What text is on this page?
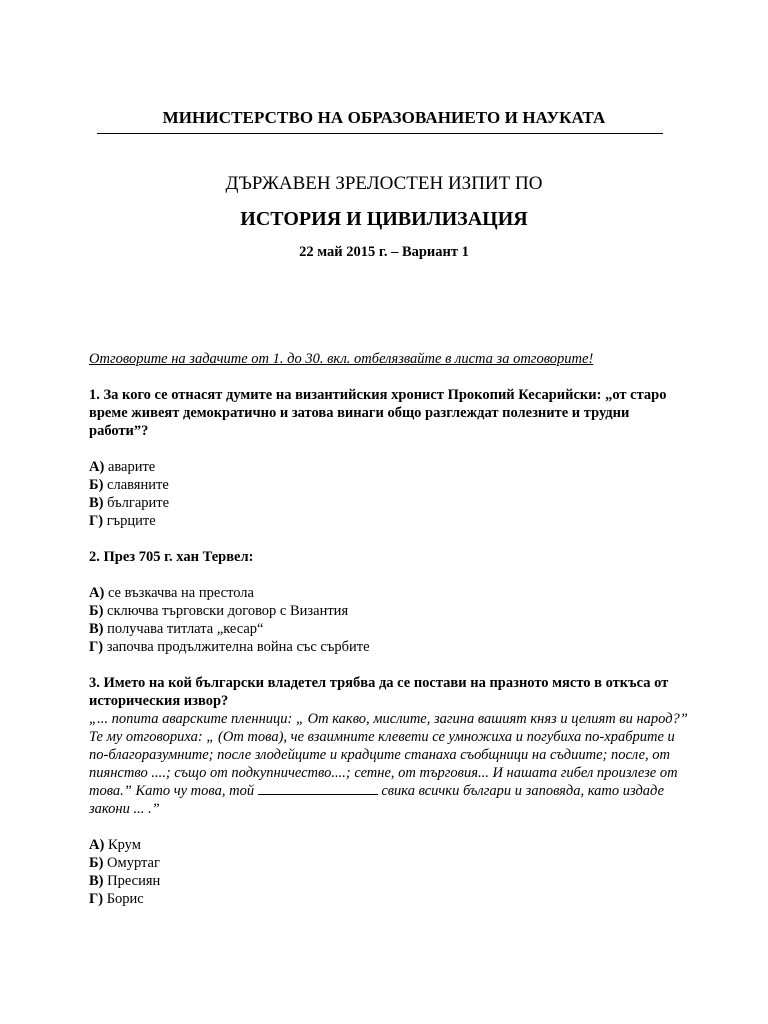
МИНИСТЕРСТВО НА ОБРАЗОВАНИЕТО И НАУКАТА
ДЪРЖАВЕН ЗРЕЛОСТЕН ИЗПИТ ПО
ИСТОРИЯ И ЦИВИЛИЗАЦИЯ
22 май 2015 г. – Вариант 1

Отговорите на задачите от 1. до 30. вкл. отбелязвайте в листа за отговорите!

1. За кого се отнасят думите на византийския хронист Прокопий Кесарийски: „от старо време живеят демократично и затова винаги общо разглеждат полезните и трудни работи”?

А) аварите
Б) славяните
В) българите
Г) гърците

2. През 705 г. хан Тервел:

А) се възкачва на престола
Б) сключва търговски договор с Византия
В) получава титлата „кесар“
Г) започва продължителна война със сърбите

3. Името на кой български владетел трябва да се постави на празното място в откъса от историческия извор?

„... попита аварските пленници: „ От какво, мислите, загина вашият княз и целият ви народ?” Те му отговориха: „ (От това), че взаимните клевети се умножиха и погубиха по-храбрите и по-благоразумните; после злодейците и крадците станаха съобщници на съдиите; после, от пиянство ....; също от подкупничество....; сетне, от търговия... И нашата гибел произлезе от това.” Като чу това, той	свика всички българи и заповяда, като издаде закони ... .”

А) Крум
Б) Омуртаг
В) Пресиян
Г) Борис
